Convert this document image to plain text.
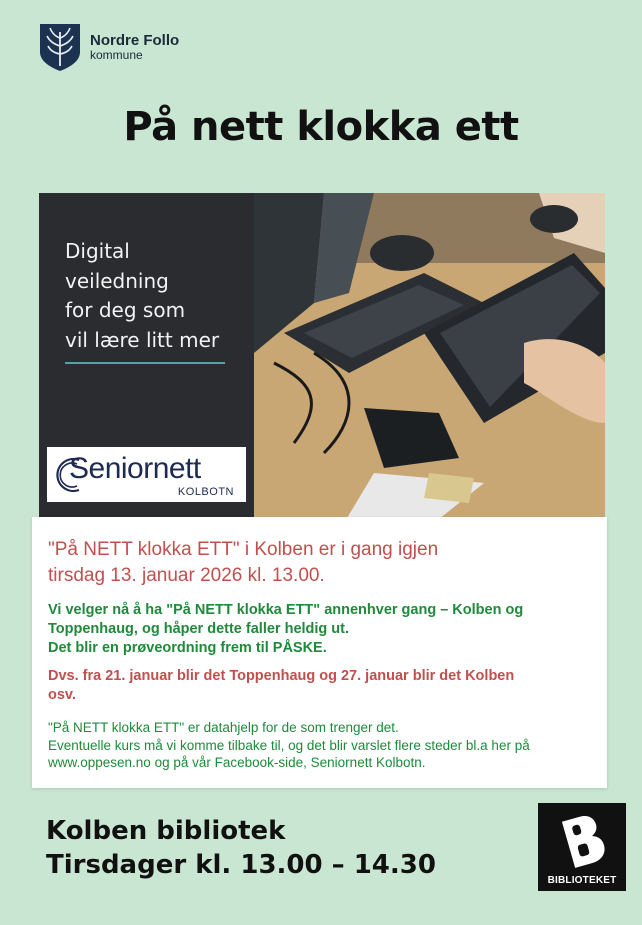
Nordre Follo
kommune
På nett klokka ett
Digital
veiledning
for deg som
vil lære litt mer
Seniornett
KOLBOTN
"På NETT klokka ETT" i Kolben er i gang igjen
tirsdag 13. januar 2026 kl. 13.00.
Vi velger nå å ha "På NETT klokka ETT" annenhver gang – Kolben og
Toppenhaug, og håper dette faller heldig ut.
Det blir en prøveordning frem til PÅSKE.
Dvs. fra 21. januar blir det Toppenhaug og 27. januar blir det Kolben
osv.
"På NETT klokka ETT" er datahjelp for de som trenger det.
Eventuelle kurs må vi komme tilbake til, og det blir varslet flere steder bl.a her på
www.oppesen.no og på vår Facebook-side, Seniornett Kolbotn.
Kolben bibliotek
Tirsdager kl. 13.00 – 14.30
BIBLIOTEKET
